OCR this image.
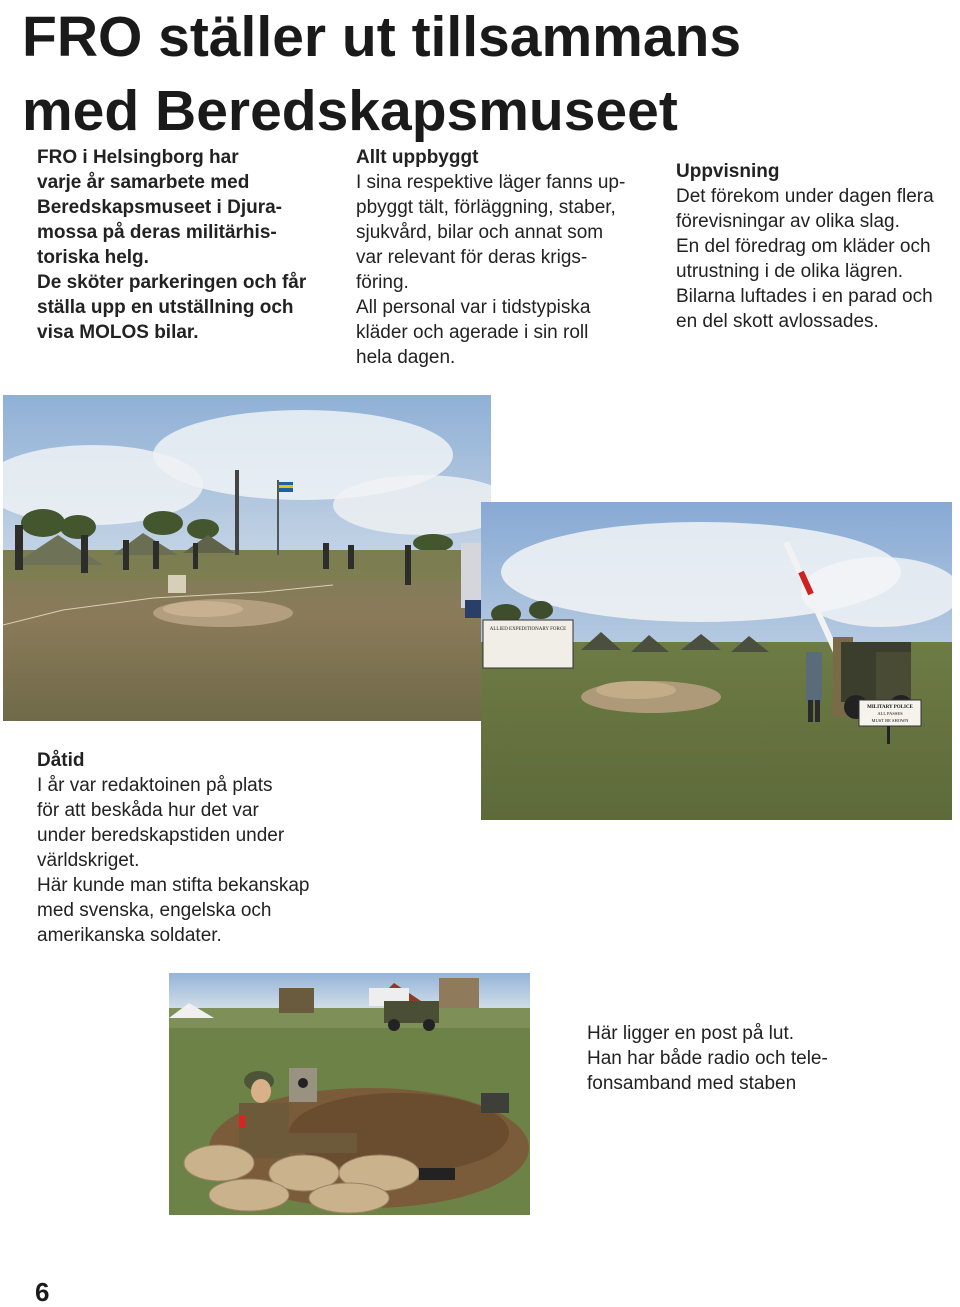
FRO ställer ut tillsammans
med Beredskapsmuseet
FRO i Helsingborg har
varje år samarbete med
Beredskapsmuseet i Djura-
mossa på deras militärhis-
toriska helg.
De sköter parkeringen och får
ställa upp en utställning och
visa MOLOS bilar.
Allt uppbyggt
I sina respektive läger fanns up-
pbyggt tält, förläggning, staber,
sjukvård, bilar och annat som
var relevant för deras krigs-
föring.
All personal var i tidstypiska
kläder och agerade i sin roll
hela dagen.
Uppvisning
Det förekom under dagen flera
förevisningar av olika slag.
En del föredrag om kläder och
utrustning i de olika lägren.
Bilarna luftades i en parad och
en del skott avlossades.
ALLIED EXPEDITIONARY FORCE
MILITARY POLICE
ALL PASSES
MUST BE SHOWN
Dåtid
I år var redaktoinen på plats
för att beskåda hur det var
under beredskapstiden under
världskriget.
Här kunde man stifta bekanskap
med svenska, engelska och
amerikanska soldater.
Här ligger en post på lut.
Han har både radio och tele-
fonsamband med staben
6
